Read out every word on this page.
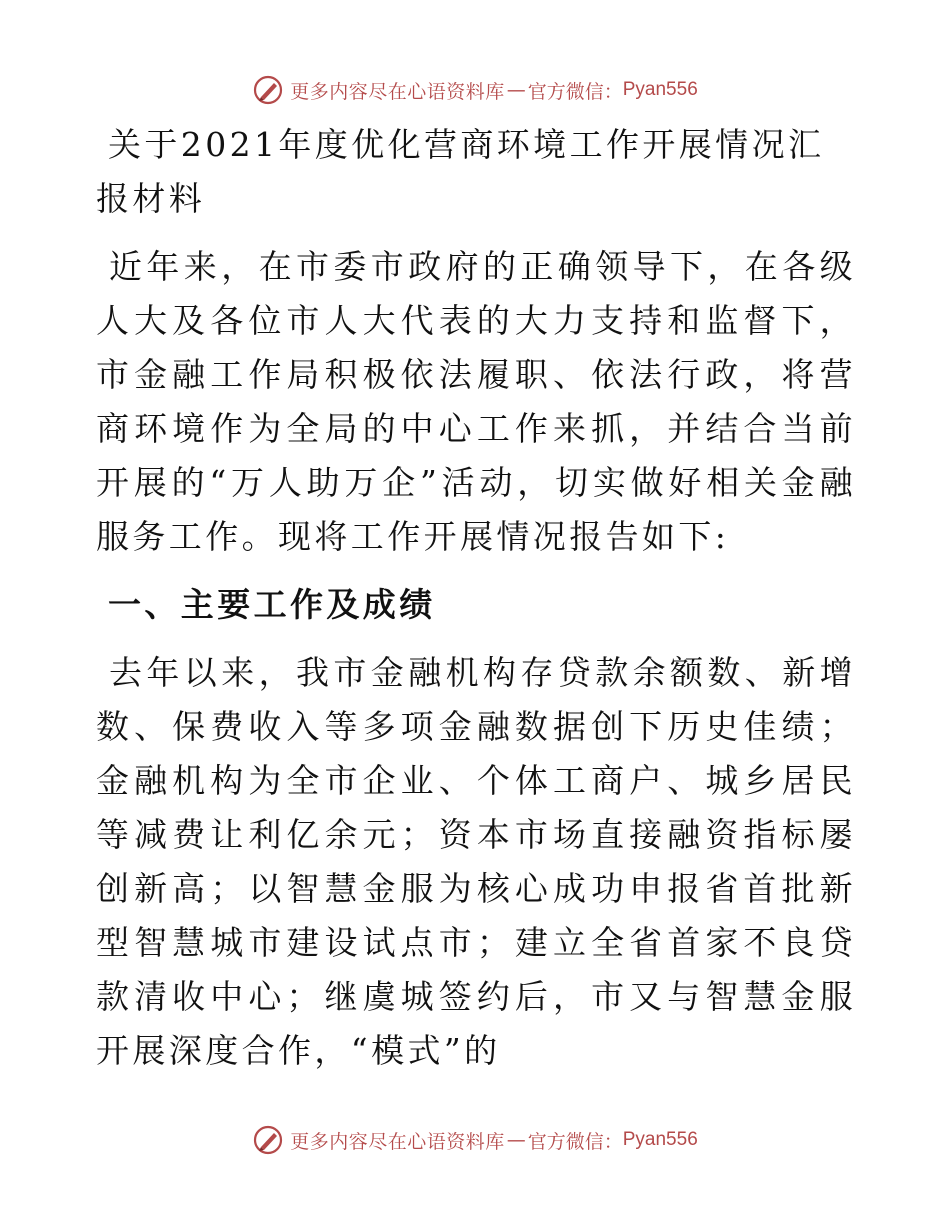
更多内容尽在心语资料库 — 官方微信： Pyan556
关于2021年度优化营商环境工作开展情况汇报材料

近年来，在市委市政府的正确领导下，在各级人大及各位市人大代表的大力支持和监督下，市金融工作局积极依法履职、依法行政，将营商环境作为全局的中心工作来抓，并结合当前开展的“万人助万企”活动，切实做好相关金融服务工作。现将工作开展情况报告如下:

一、主要工作及成绩

去年以来，我市金融机构存贷款余额数、新增数、保费收入等多项金融数据创下历史佳绩；金融机构为全市企业、个体工商户、城乡居民等减费让利亿余元；资本市场直接融资指标屡创新高；以智慧金服为核心成功申报省首批新型智慧城市建设试点市；建立全省首家不良贷款清收中心；继虞城签约后，市又与智慧金服开展深度合作，“模式”的

更多内容尽在心语资料库 — 官方微信： Pyan556
